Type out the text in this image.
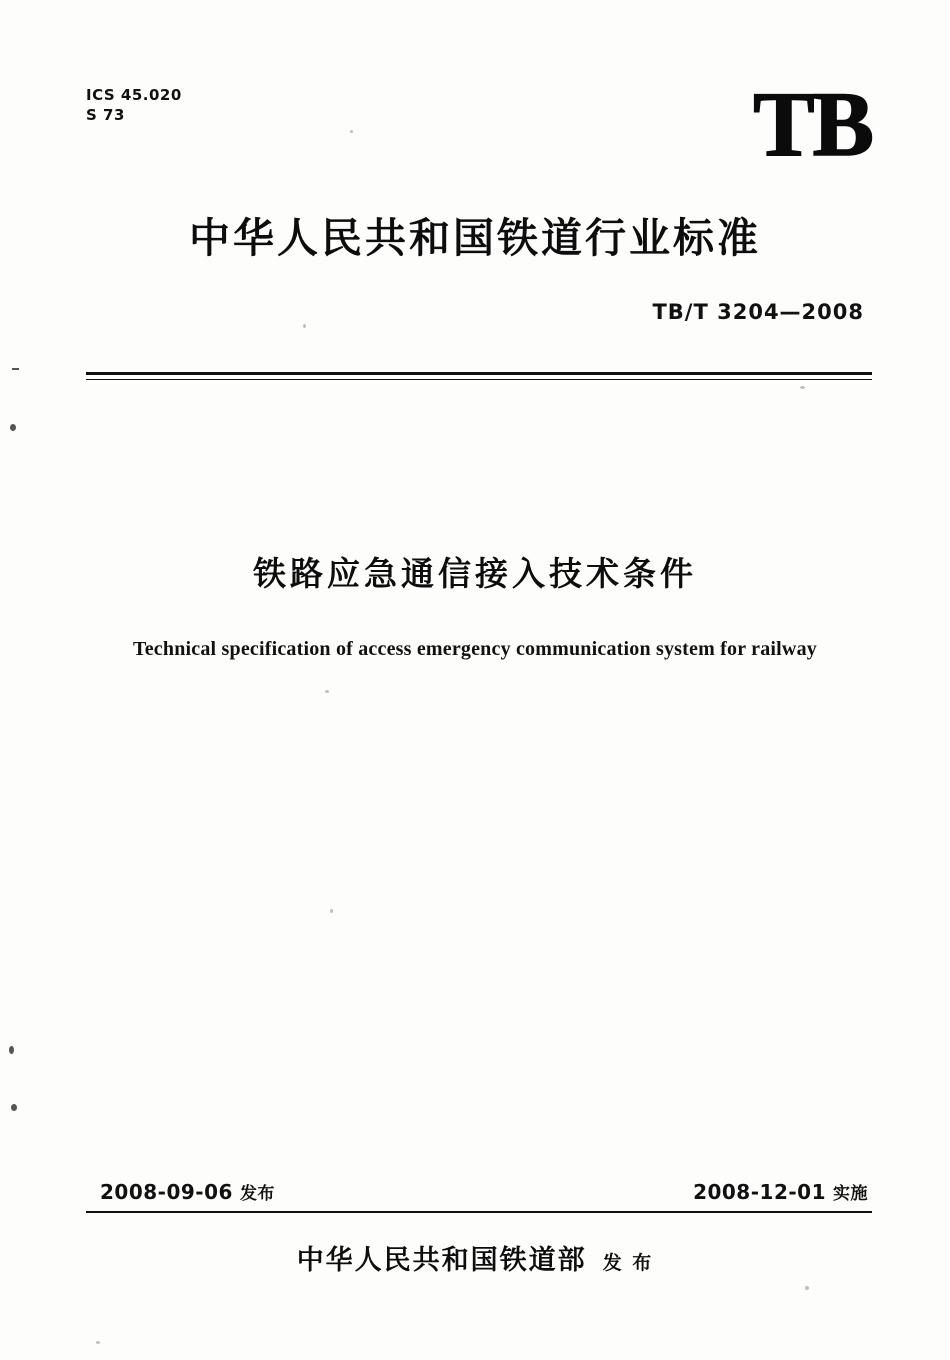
ICS 45.020
S 73	TB
中华人民共和国铁道行业标准
TB/T 3204—2008
铁路应急通信接入技术条件
Technical specification of access emergency communication system for railway
2008-09-06 发布	2008-12-01 实施
中华人民共和国铁道部 发 布
